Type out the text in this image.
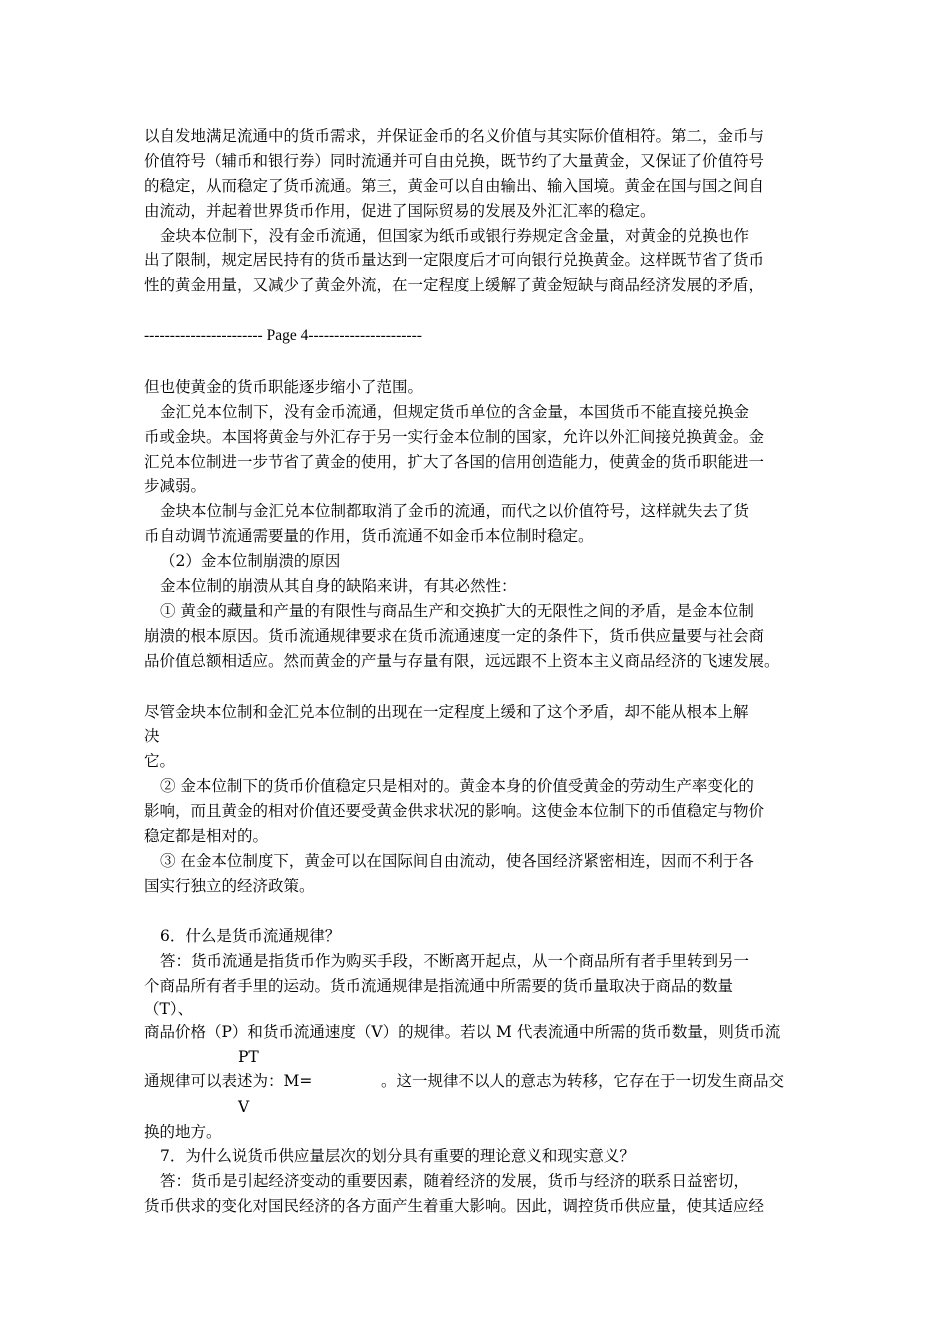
以自发地满足流通中的货币需求，并保证金币的名义价值与其实际价值相符。第二，金币与
价值符号（辅币和银行券）同时流通并可自由兑换，既节约了大量黄金，又保证了价值符号
的稳定，从而稳定了货币流通。第三，黄金可以自由输出、输入国境。黄金在国与国之间自
由流动，并起着世界货币作用，促进了国际贸易的发展及外汇汇率的稳定。
金块本位制下，没有金币流通，但国家为纸币或银行券规定含金量，对黄金的兑换也作
出了限制，规定居民持有的货币量达到一定限度后才可向银行兑换黄金。这样既节省了货币
性的黄金用量，又减少了黄金外流，在一定程度上缓解了黄金短缺与商品经济发展的矛盾，
----------------------- Page 4----------------------
但也使黄金的货币职能逐步缩小了范围。
金汇兑本位制下，没有金币流通，但规定货币单位的含金量，本国货币不能直接兑换金
币或金块。本国将黄金与外汇存于另一实行金本位制的国家，允许以外汇间接兑换黄金。金
汇兑本位制进一步节省了黄金的使用，扩大了各国的信用创造能力，使黄金的货币职能进一
步减弱。
金块本位制与金汇兑本位制都取消了金币的流通，而代之以价值符号，这样就失去了货
币自动调节流通需要量的作用，货币流通不如金币本位制时稳定。
（2）金本位制崩溃的原因
金本位制的崩溃从其自身的缺陷来讲，有其必然性：
① 黄金的藏量和产量的有限性与商品生产和交换扩大的无限性之间的矛盾，是金本位制
崩溃的根本原因。货币流通规律要求在货币流通速度一定的条件下，货币供应量要与社会商
品价值总额相适应。然而黄金的产量与存量有限，远远跟不上资本主义商品经济的飞速发展。
尽管金块本位制和金汇兑本位制的出现在一定程度上缓和了这个矛盾，却不能从根本上解
决
它。
② 金本位制下的货币价值稳定只是相对的。黄金本身的价值受黄金的劳动生产率变化的
影响，而且黄金的相对价值还要受黄金供求状况的影响。这使金本位制下的币值稳定与物价
稳定都是相对的。
③ 在金本位制度下，黄金可以在国际间自由流动，使各国经济紧密相连，因而不利于各
国实行独立的经济政策。
6．什么是货币流通规律？
答：货币流通是指货币作为购买手段，不断离开起点，从一个商品所有者手里转到另一
个商品所有者手里的运动。货币流通规律是指流通中所需要的货币量取决于商品的数量
（T）、
商品价格（P）和货币流通速度（V）的规律。若以 M 代表流通中所需的货币数量，则货币流
PT
通规律可以表述为：M=	。这一规律不以人的意志为转移，它存在于一切发生商品交
V
换的地方。
7．为什么说货币供应量层次的划分具有重要的理论意义和现实意义？
答：货币是引起经济变动的重要因素，随着经济的发展，货币与经济的联系日益密切，
货币供求的变化对国民经济的各方面产生着重大影响。因此，调控货币供应量，使其适应经
